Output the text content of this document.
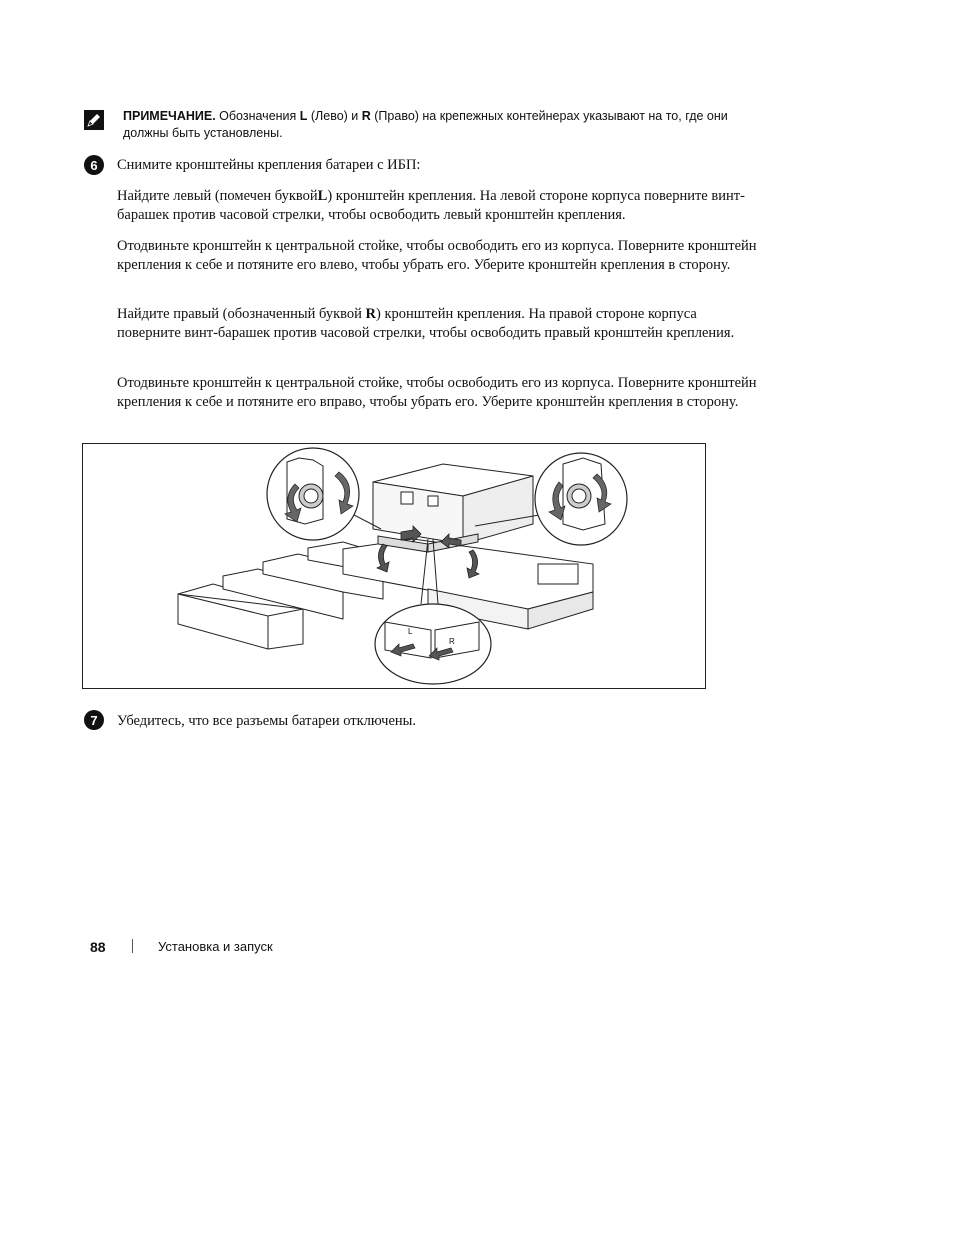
ПРИМЕЧАНИЕ. Обозначения L (Лево) и R (Право) на крепежных контейнерах указывают на то, где они должны быть установлены.
6	Снимите кронштейны крепления батареи с ИБП:
Найдите левый (помечен буквойL) кронштейн крепления. На левой стороне корпуса поверните винт-барашек против часовой стрелки, чтобы освободить левый кронштейн крепления.
Отодвиньте кронштейн к центральной стойке, чтобы освободить его из корпуса. Поверните кронштейн крепления к себе и потяните его влево, чтобы убрать его. Уберите кронштейн крепления в сторону.
Найдите правый (обозначенный буквой R) кронштейн крепления. На правой стороне корпуса поверните винт-барашек против часовой стрелки, чтобы освободить правый кронштейн крепления.
Отодвиньте кронштейн к центральной стойке, чтобы освободить его из корпуса. Поверните кронштейн крепления к себе и потяните его вправо, чтобы убрать его. Уберите кронштейн крепления в сторону.
L
R
7	Убедитесь, что все разъемы батареи отключены.
88	Установка и запуск
